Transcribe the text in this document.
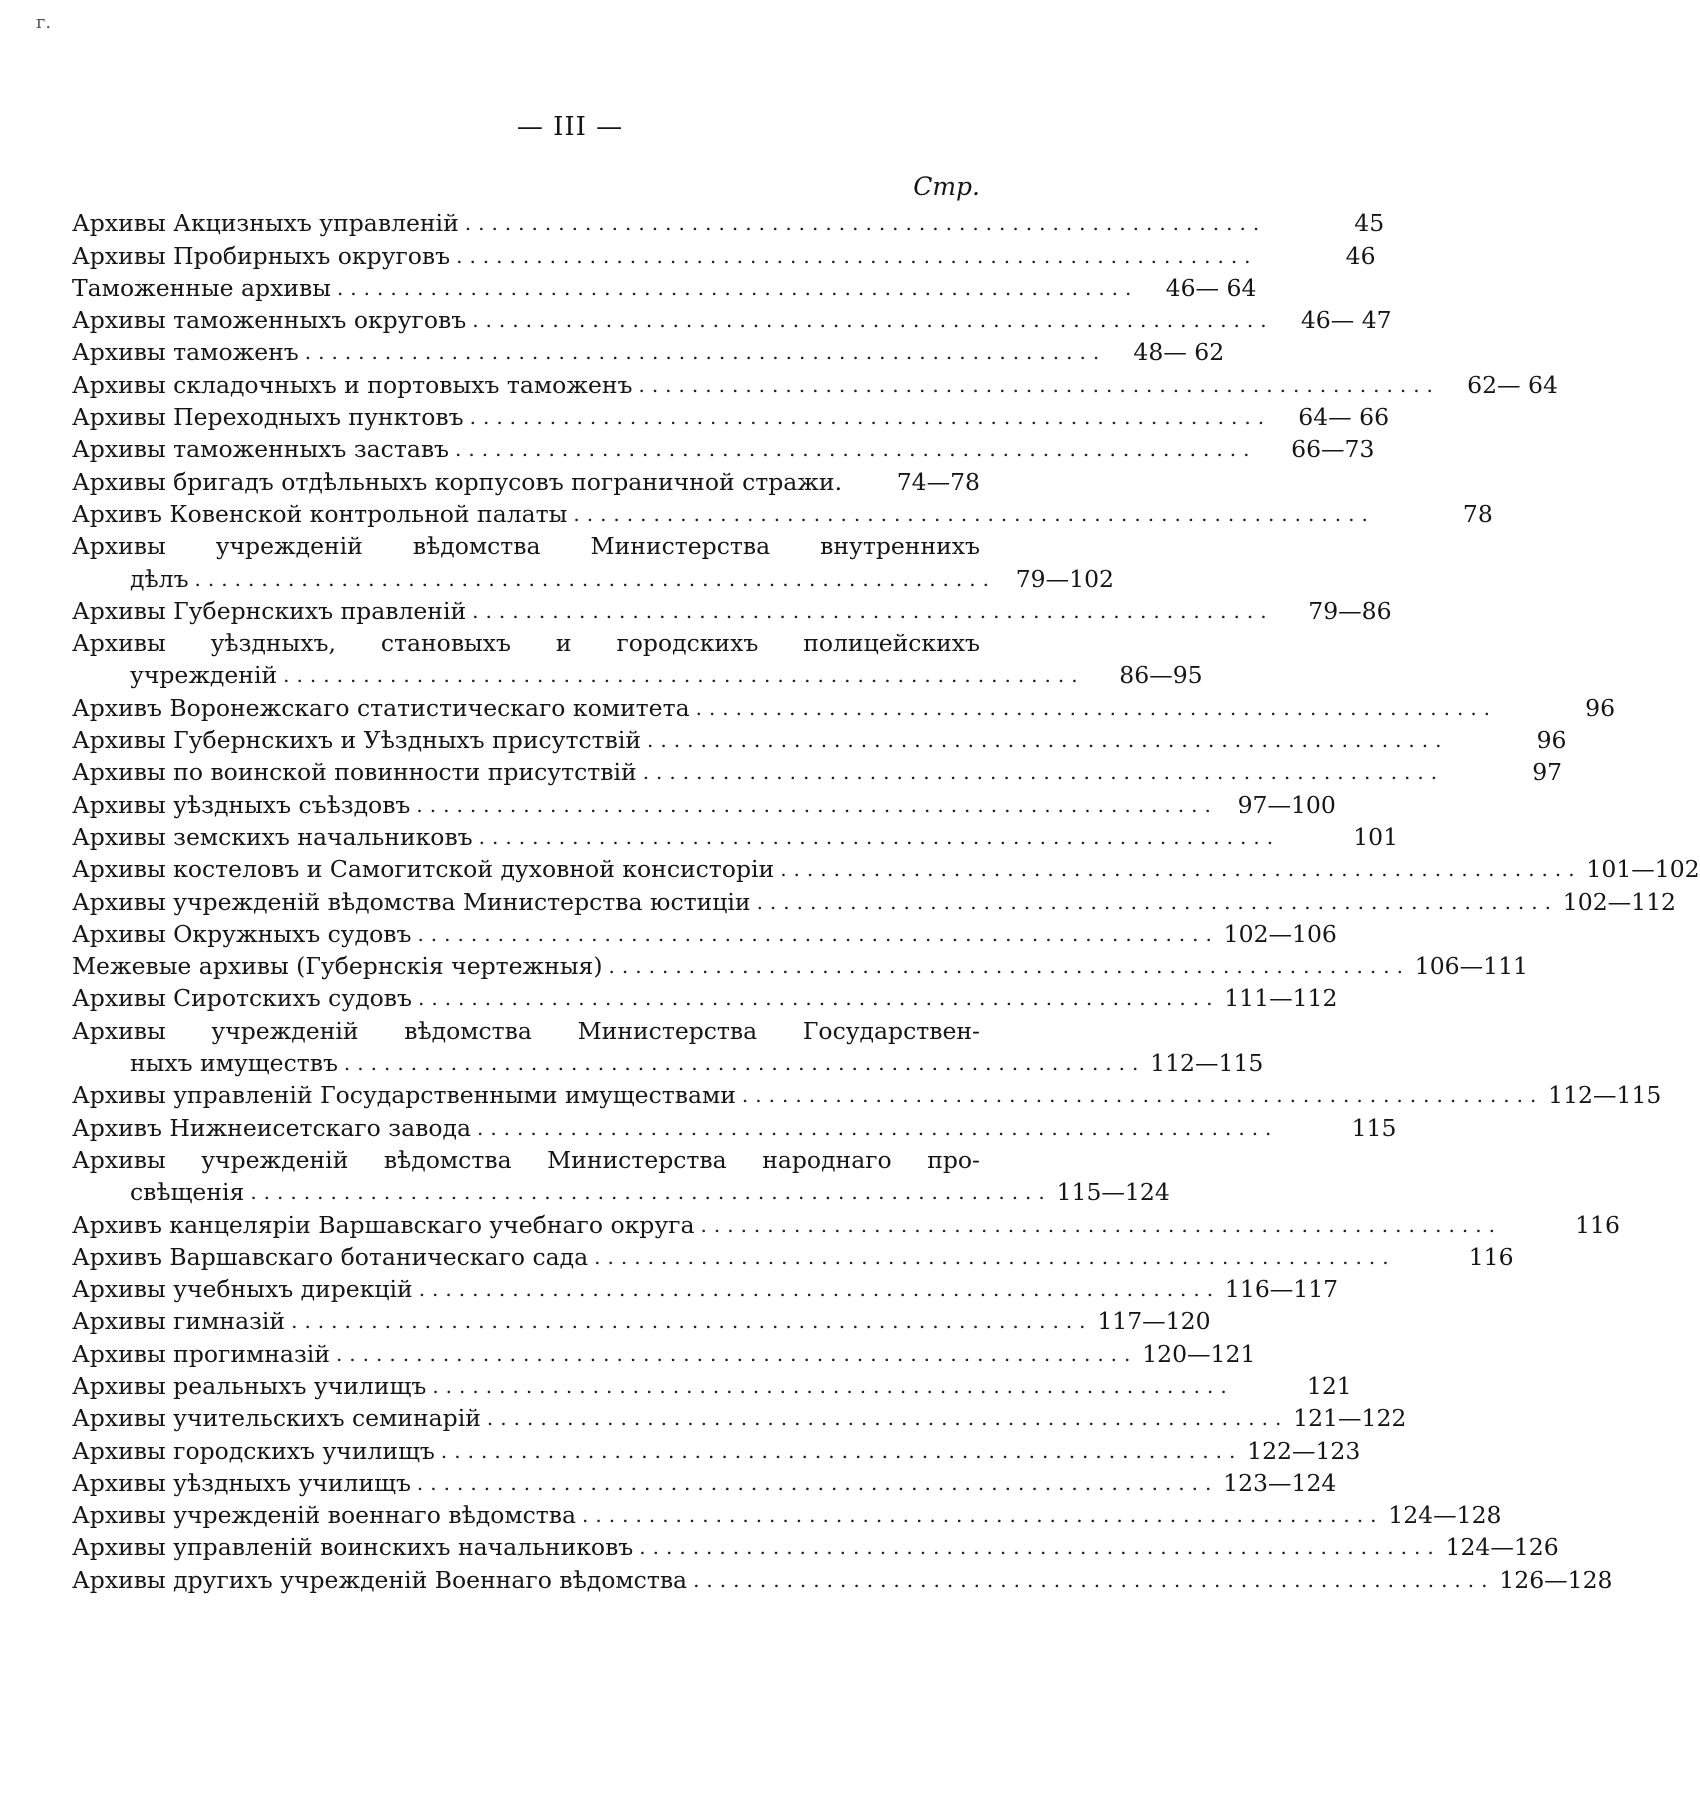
г.
— III —
Стр.
Архивы Акцизныхъ управленій ............................................................	45
Архивы Пробирныхъ округовъ ............................................................	46
Таможенные архивы ............................................................	46— 64
Архивы таможенныхъ округовъ ............................................................	46— 47
Архивы таможенъ ............................................................	48— 62
Архивы складочныхъ и портовыхъ таможенъ ............................................................	62— 64
Архивы Переходныхъ пунктовъ ............................................................	64— 66
Архивы таможенныхъ заставъ ............................................................	66—73
Архивы бригадъ отдѣльныхъ корпусовъ пограничной стражи.	74—78
Архивъ Ковенской контрольной палаты ............................................................	78
Архивы учрежденій вѣдомства Министерства внутреннихъ
дѣлъ ............................................................ 79—102
Архивы Губернскихъ правленій ............................................................	79—86
Архивы уѣздныхъ, становыхъ и городскихъ полицейскихъ
учрежденій ............................................................	86—95
Архивъ Воронежскаго статистическаго комитета ............................................................	96
Архивы Губернскихъ и Уѣздныхъ присутствій ............................................................	96
Архивы по воинской повинности присутствій ............................................................	97
Архивы уѣздныхъ съѣздовъ ............................................................ 97—100
Архивы земскихъ начальниковъ ............................................................	101
Архивы костеловъ и Самогитской духовной консисторіи ............................................................ 101—102
Архивы учрежденій вѣдомства Министерства юстиціи ............................................................ 102—112
Архивы Окружныхъ судовъ ............................................................ 102—106
Межевые архивы (Губернскія чертежныя) ............................................................ 106—111
Архивы Сиротскихъ судовъ ............................................................ 111—112
Архивы учрежденій вѣдомства Министерства Государствен-
ныхъ имуществъ ............................................................ 112—115
Архивы управленій Государственными имуществами ............................................................ 112—115
Архивъ Нижнеисетскаго завода ............................................................	115
Архивы учрежденій вѣдомства Министерства народнаго про-
свѣщенія ............................................................ 115—124
Архивъ канцеляріи Варшавскаго учебнаго округа ............................................................	116
Архивъ Варшавскаго ботаническаго сада ............................................................	116
Архивы учебныхъ дирекцій ............................................................ 116—117
Архивы гимназій ............................................................ 117—120
Архивы прогимназій ............................................................ 120—121
Архивы реальныхъ училищъ ............................................................	121
Архивы учительскихъ семинарій ............................................................ 121—122
Архивы городскихъ училищъ ............................................................ 122—123
Архивы уѣздныхъ училищъ ............................................................ 123—124
Архивы учрежденій военнаго вѣдомства ............................................................ 124—128
Архивы управленій воинскихъ начальниковъ ............................................................ 124—126
Архивы другихъ учрежденій Военнаго вѣдомства ............................................................ 126—128
